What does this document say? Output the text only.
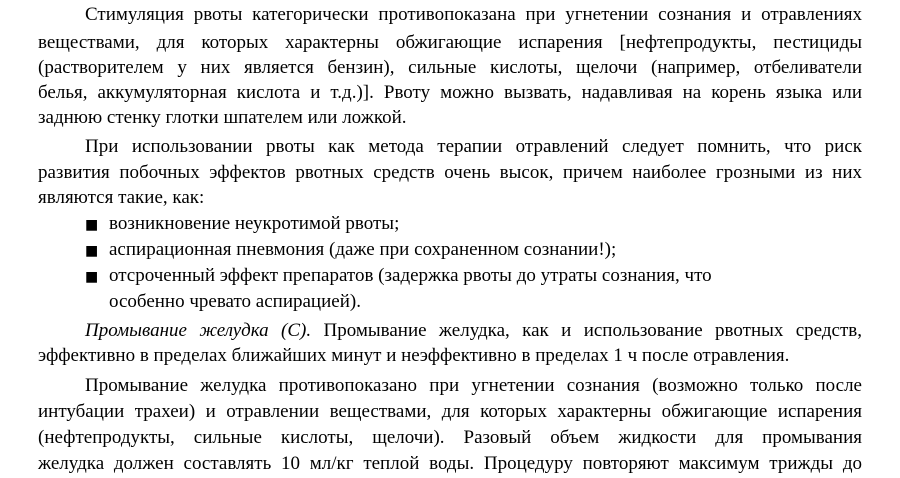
Стимуляция рвоты категорически противопоказана при угнетении сознания и отравлениях
веществами, для которых характерны обжигающие испарения [нефтепродукты, пестициды
(растворителем у них является бензин), сильные кислоты, щелочи (например, отбеливатели
белья, аккумуляторная кислота и т.д.)]. Рвоту можно вызвать, надавливая на корень языка или
заднюю стенку глотки шпателем или ложкой.
При использовании рвоты как метода терапии отравлений следует помнить, что риск
развития побочных эффектов рвотных средств очень высок, причем наиболее грозными из них
являются такие, как:
■ возникновение неукротимой рвоты;
■ аспирационная пневмония (даже при сохраненном сознании!);
■ отсроченный эффект препаратов (задержка рвоты до утраты сознания, что
особенно чревато аспирацией).
Промывание желудка (С). Промывание желудка, как и использование рвотных средств,
эффективно в пределах ближайших минут и неэффективно в пределах 1 ч после отравления.
Промывание желудка противопоказано при угнетении сознания (возможно только после
интубации трахеи) и отравлении веществами, для которых характерны обжигающие испарения
(нефтепродукты, сильные кислоты, щелочи). Разовый объем жидкости для промывания
желудка должен составлять 10 мл/кг теплой воды. Процедуру повторяют максимум трижды до
